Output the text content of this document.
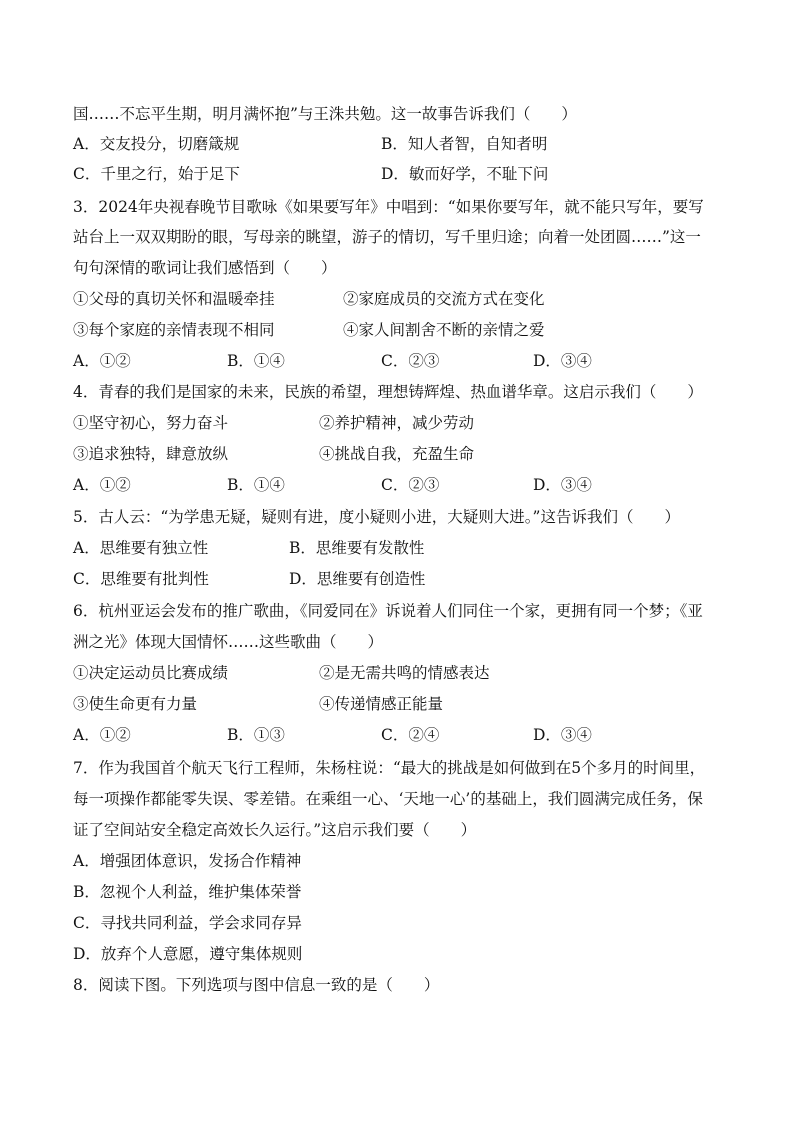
国……不忘平生期，明月满怀抱”与王洙共勉。这一故事告诉我们（　　）
A．交友投分，切磨箴规	B．知人者智，自知者明
C．千里之行，始于足下	D．敏而好学，不耻下问
3．2024年央视春晚节目歌咏《如果要写年》中唱到：“如果你要写年，就不能只写年，要写
站台上一双双期盼的眼，写母亲的眺望，游子的情切，写千里归途；向着一处团圆……”这一
句句深情的歌词让我们感悟到（　　）
①父母的真切关怀和温暖牵挂	②家庭成员的交流方式在变化
③每个家庭的亲情表现不相同	④家人间割舍不断的亲情之爱
A．①②	B．①④	C．②③	D．③④
4．青春的我们是国家的未来，民族的希望，理想铸辉煌、热血谱华章。这启示我们（　　）
①坚守初心，努力奋斗	②养护精神，减少劳动
③追求独特，肆意放纵	④挑战自我，充盈生命
A．①②	B．①④	C．②③	D．③④
5．古人云：“为学患无疑，疑则有进，度小疑则小进，大疑则大进。”这告诉我们（　　）
A．思维要有独立性	B．思维要有发散性
C．思维要有批判性	D．思维要有创造性
6．杭州亚运会发布的推广歌曲，《同爱同在》诉说着人们同住一个家，更拥有同一个梦；《亚
洲之光》体现大国情怀……这些歌曲（　　）
①决定运动员比赛成绩	②是无需共鸣的情感表达
③使生命更有力量	④传递情感正能量
A．①②	B．①③	C．②④	D．③④
7．作为我国首个航天飞行工程师，朱杨柱说：“最大的挑战是如何做到在5个多月的时间里，
每一项操作都能零失误、零差错。在乘组一心、‘天地一心’的基础上，我们圆满完成任务，保
证了空间站安全稳定高效长久运行。”这启示我们要（　　）
A．增强团体意识，发扬合作精神
B．忽视个人利益，维护集体荣誉
C．寻找共同利益，学会求同存异
D．放弃个人意愿，遵守集体规则
8．阅读下图。下列选项与图中信息一致的是（　　）
